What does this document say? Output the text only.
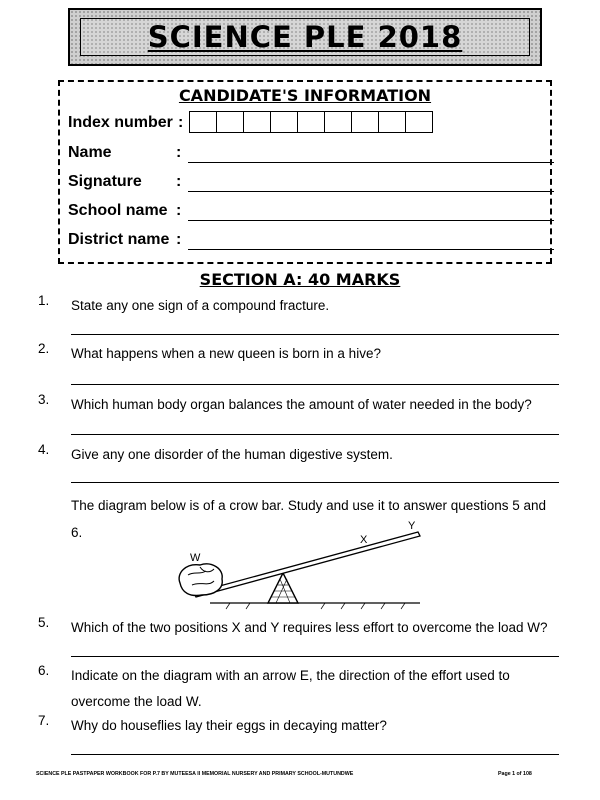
SCIENCE PLE 2018
CANDIDATE'S INFORMATION
Index number :
Name	:
Signature :
School name :
District name :
SECTION A: 40 MARKS
1.	State any one sign of a compound fracture.
2.	What happens when a new queen is born in a hive?
3.	Which human body organ balances the amount of water needed in the body?
4.	Give any one disorder of the human digestive system.
The diagram below is of a crow bar. Study and use it to answer questions 5 and 6.
W
X
Y
5.	Which of the two positions X and Y requires less effort to overcome the load W?
6.	Indicate on the diagram with an arrow E, the direction of the effort used to overcome the load W.
7.	Why do houseflies lay their eggs in decaying matter?
SCIENCE PLE PASTPAPER WORKBOOK FOR P.7 BY MUTEESA II MEMORIAL NURSERY AND PRIMARY SCHOOL-MUTUNDWE	Page 1 of 108
